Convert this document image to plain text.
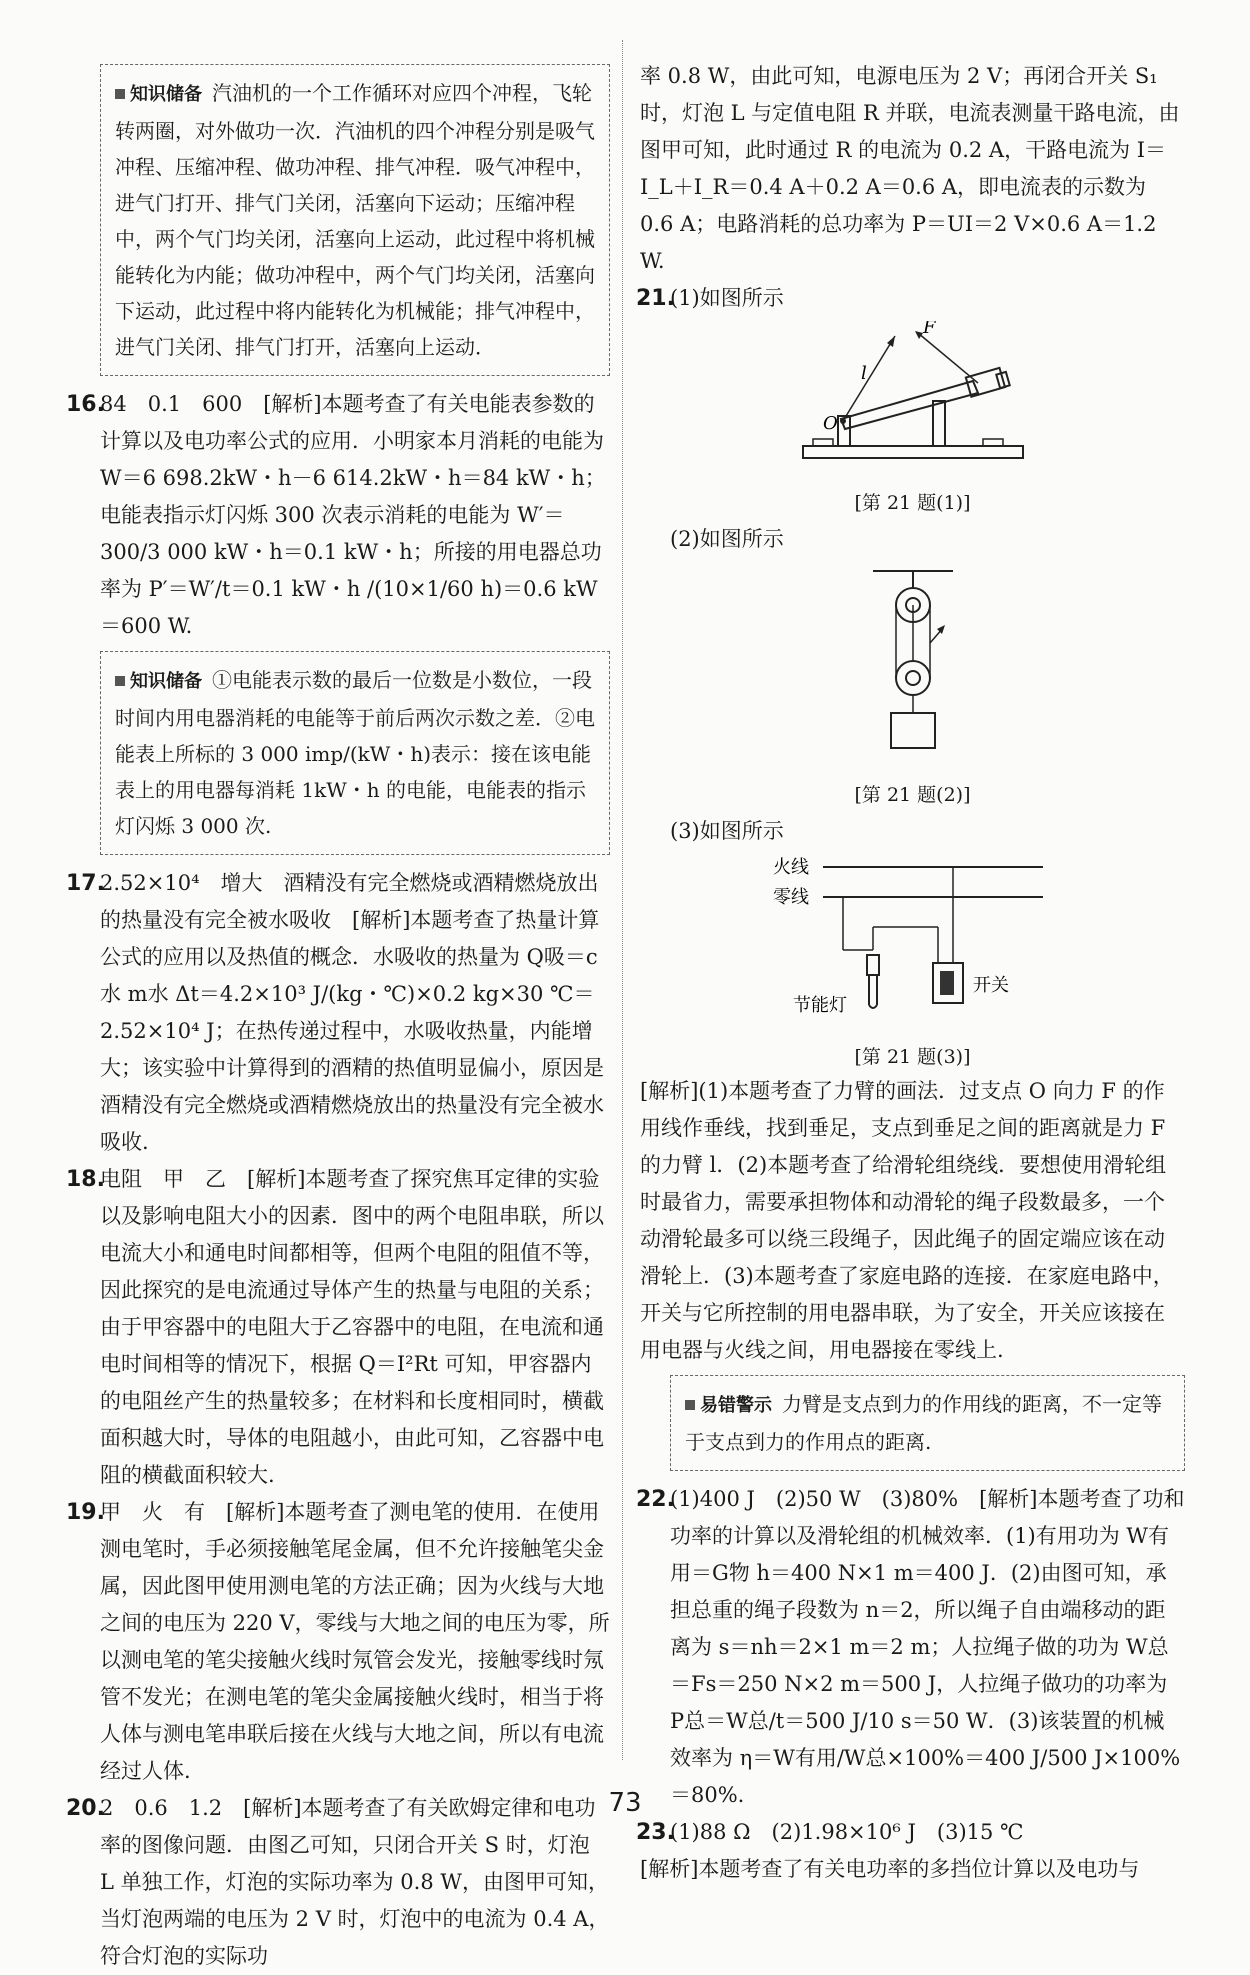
知识储备 汽油机的一个工作循环对应四个冲程，飞轮转两圈，对外做功一次．汽油机的四个冲程分别是吸气冲程、压缩冲程、做功冲程、排气冲程．吸气冲程中，进气门打开、排气门关闭，活塞向下运动；压缩冲程中，两个气门均关闭，活塞向上运动，此过程中将机械能转化为内能；做功冲程中，两个气门均关闭，活塞向下运动，此过程中将内能转化为机械能；排气冲程中，进气门关闭、排气门打开，活塞向上运动．
16.
84　0.1　600　[解析]本题考查了有关电能表参数的计算以及电功率公式的应用．小明家本月消耗的电能为 W＝6 698.2kW・h－6 614.2kW・h＝84 kW・h；电能表指示灯闪烁 300 次表示消耗的电能为 W′＝300/3 000 kW・h＝0.1 kW・h；所接的用电器总功率为 P′＝W′/t＝0.1 kW・h /(10×1/60 h)＝0.6 kW＝600 W.
知识储备 ①电能表示数的最后一位数是小数位，一段时间内用电器消耗的电能等于前后两次示数之差．②电能表上所标的 3 000 imp/(kW・h)表示：接在该电能表上的用电器每消耗 1kW・h 的电能，电能表的指示灯闪烁 3 000 次.
17.
2.52×10⁴　增大　酒精没有完全燃烧或酒精燃烧放出的热量没有完全被水吸收　[解析]本题考查了热量计算公式的应用以及热值的概念．水吸收的热量为 Q吸＝c水 m水 Δt＝4.2×10³ J/(kg・℃)×0.2 kg×30 ℃＝2.52×10⁴ J；在热传递过程中，水吸收热量，内能增大；该实验中计算得到的酒精的热值明显偏小，原因是酒精没有完全燃烧或酒精燃烧放出的热量没有完全被水吸收.
18.
电阻　甲　乙　[解析]本题考查了探究焦耳定律的实验以及影响电阻大小的因素．图中的两个电阻串联，所以电流大小和通电时间都相等，但两个电阻的阻值不等，因此探究的是电流通过导体产生的热量与电阻的关系；由于甲容器中的电阻大于乙容器中的电阻，在电流和通电时间相等的情况下，根据 Q＝I²Rt 可知，甲容器内的电阻丝产生的热量较多；在材料和长度相同时，横截面积越大时，导体的电阻越小，由此可知，乙容器中电阻的横截面积较大.
19.
甲　火　有　[解析]本题考查了测电笔的使用．在使用测电笔时，手必须接触笔尾金属，但不允许接触笔尖金属，因此图甲使用测电笔的方法正确；因为火线与大地之间的电压为 220 V，零线与大地之间的电压为零，所以测电笔的笔尖接触火线时氖管会发光，接触零线时氖管不发光；在测电笔的笔尖金属接触火线时，相当于将人体与测电笔串联后接在火线与大地之间，所以有电流经过人体.
20.
2　0.6　1.2　[解析]本题考查了有关欧姆定律和电功率的图像问题．由图乙可知，只闭合开关 S 时，灯泡 L 单独工作，灯泡的实际功率为 0.8 W，由图甲可知，当灯泡两端的电压为 2 V 时，灯泡中的电流为 0.4 A，符合灯泡的实际功

率 0.8 W，由此可知，电源电压为 2 V；再闭合开关 S₁ 时，灯泡 L 与定值电阻 R 并联，电流表测量干路电流，由图甲可知，此时通过 R 的电流为 0.2 A，干路电流为 I＝I_L＋I_R＝0.4 A＋0.2 A＝0.6 A，即电流表的示数为 0.6 A；电路消耗的总功率为 P＝UI＝2 V×0.6 A＝1.2 W.

21.
(1)如图所示
F
l
O
[第 21 题(1)]
(2)如图所示
[第 21 题(2)]
(3)如图所示
火线
零线
开关
节能灯
[第 21 题(3)]

[解析](1)本题考查了力臂的画法．过支点 O 向力 F 的作用线作垂线，找到垂足，支点到垂足之间的距离就是力 F 的力臂 l．(2)本题考查了给滑轮组绕线．要想使用滑轮组时最省力，需要承担物体和动滑轮的绳子段数最多，一个动滑轮最多可以绕三段绳子，因此绳子的固定端应该在动滑轮上．(3)本题考查了家庭电路的连接．在家庭电路中，开关与它所控制的用电器串联，为了安全，开关应该接在用电器与火线之间，用电器接在零线上.

易错警示 力臂是支点到力的作用线的距离，不一定等于支点到力的作用点的距离.
22.
(1)400 J　(2)50 W　(3)80%　[解析]本题考查了功和功率的计算以及滑轮组的机械效率．(1)有用功为 W有用＝G物 h＝400 N×1 m＝400 J．(2)由图可知，承担总重的绳子段数为 n＝2，所以绳子自由端移动的距离为 s＝nh＝2×1 m＝2 m；人拉绳子做的功为 W总＝Fs＝250 N×2 m＝500 J，人拉绳子做功的功率为 P总＝W总/t＝500 J/10 s＝50 W．(3)该装置的机械效率为 η＝W有用/W总×100%＝400 J/500 J×100%＝80%.
23.
(1)88 Ω　(2)1.98×10⁶ J　(3)15 ℃

[解析]本题考查了有关电功率的多挡位计算以及电功与

73
